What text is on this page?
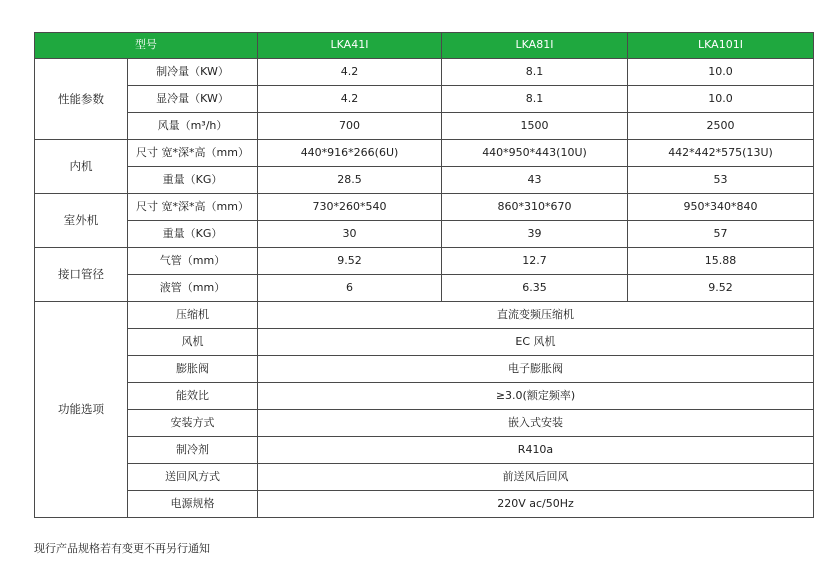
型号		LKA41I	LKA81I	LKA101I
性能参数	制冷量（KW）	4.2	8.1	10.0
	显冷量（KW）	4.2	8.1	10.0
	风量（m³/h）	700	1500	2500
内机	尺寸 宽*深*高（mm）	440*916*266(6U)	440*950*443(10U)	442*442*575(13U)
	重量（KG）	28.5	43	53
室外机	尺寸 宽*深*高（mm）	730*260*540	860*310*670	950*340*840
	重量（KG）	30	39	57
接口管径	气管（mm）	9.52	12.7	15.88
	液管（mm）	6	6.35	9.52
功能选项	压缩机	直流变频压缩机		
	风机	EC 风机		
	膨胀阀	电子膨胀阀		
	能效比	≥3.0(额定频率)		
	安装方式	嵌入式安装		
	制冷剂	R410a		
	送回风方式	前送风后回风		
	电源规格	220V ac/50Hz		
现行产品规格若有变更不再另行通知
